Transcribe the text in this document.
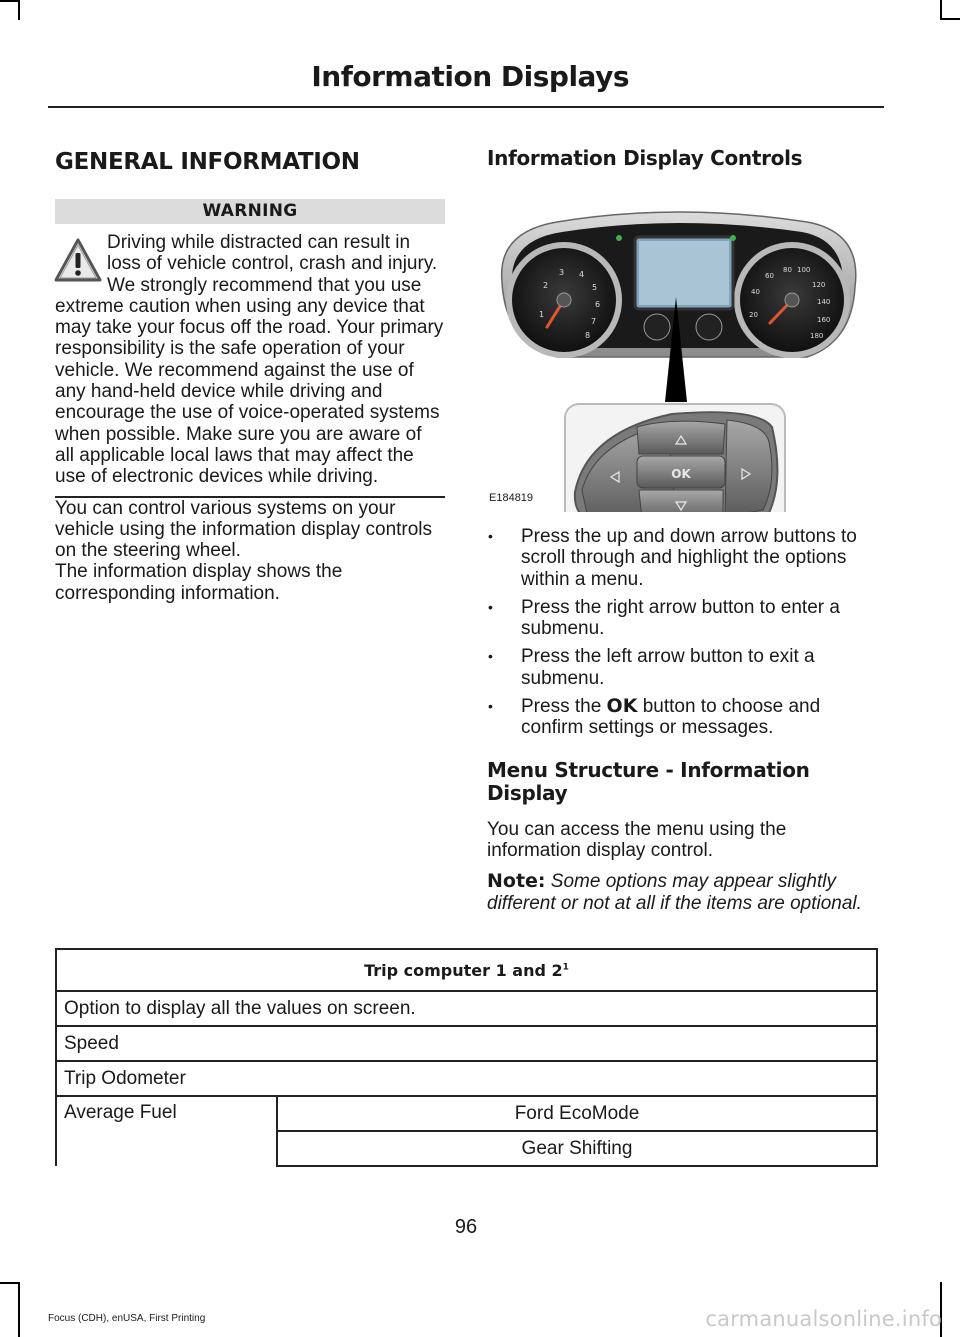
Information Displays
GENERAL INFORMATION
WARNING
Driving while distracted can result in loss of vehicle control, crash and injury. We strongly recommend that you use extreme caution when using any device that may take your focus off the road. Your primary responsibility is the safe operation of your vehicle. We recommend against the use of any hand-held device while driving and encourage the use of voice-operated systems when possible. Make sure you are aware of all applicable local laws that may affect the use of electronic devices while driving.

You can control various systems on your vehicle using the information display controls on the steering wheel.

The information display shows the corresponding information.

Information Display Controls
1
2
3 4
5
6
7
8
20
40
60
80 100
120
140
160
180
OK
E184819
• Press the up and down arrow buttons to scroll through and highlight the options within a menu.
• Press the right arrow button to enter a submenu.
• Press the left arrow button to exit a submenu.
• Press the OK button to choose and confirm settings or messages.
Menu Structure - Information Display

You can access the menu using the information display control.

Note: Some options may appear slightly different or not at all if the items are optional.

Trip computer 1 and $2^1$
Option to display all the values on screen.
Speed
Trip Odometer
Average Fuel	Ford EcoMode
Gear Shifting
96
Focus (CDH), enUSA, First Printing	carmanualsonline.info
